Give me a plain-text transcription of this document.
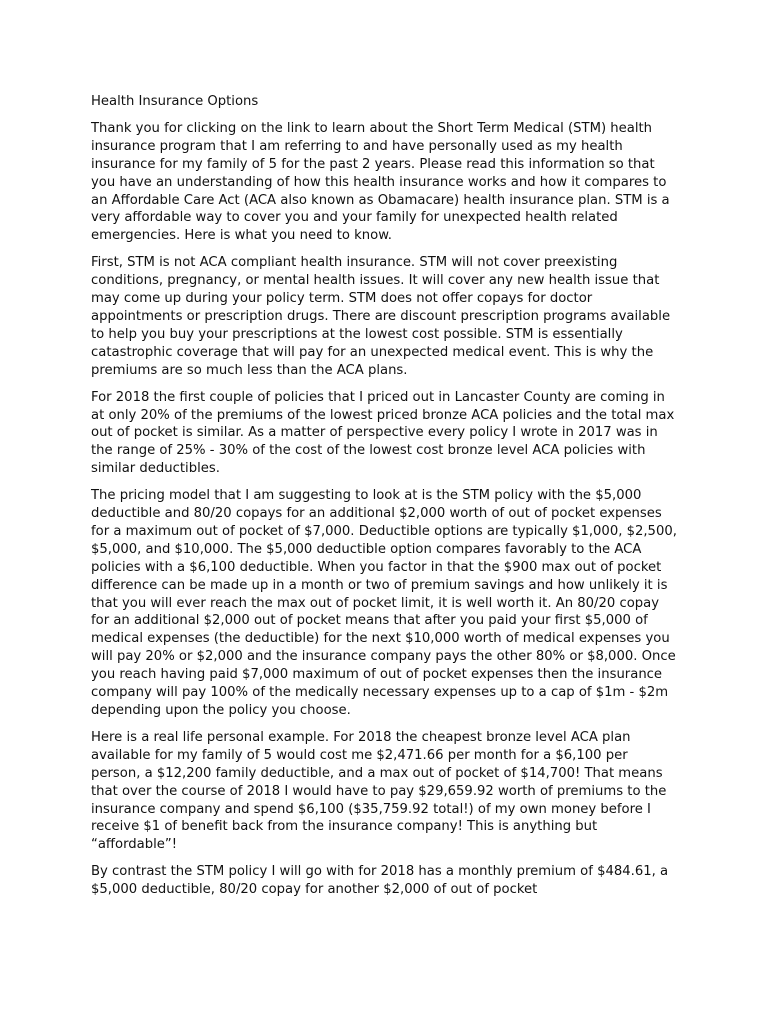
Health Insurance Options

Thank you for clicking on the link to learn about the Short Term Medical (STM) health insurance program that I am referring to and have personally used as my health insurance for my family of 5 for the past 2 years. Please read this information so that you have an understanding of how this health insurance works and how it compares to an Affordable Care Act (ACA also known as Obamacare) health insurance plan. STM is a very affordable way to cover you and your family for unexpected health related emergencies. Here is what you need to know.

First, STM is not ACA compliant health insurance. STM will not cover preexisting conditions, pregnancy, or mental health issues. It will cover any new health issue that may come up during your policy term. STM does not offer copays for doctor appointments or prescription drugs. There are discount prescription programs available to help you buy your prescriptions at the lowest cost possible. STM is essentially catastrophic coverage that will pay for an unexpected medical event. This is why the premiums are so much less than the ACA plans.

For 2018 the first couple of policies that I priced out in Lancaster County are coming in at only 20% of the premiums of the lowest priced bronze ACA policies and the total max out of pocket is similar. As a matter of perspective every policy I wrote in 2017 was in the range of 25% - 30% of the cost of the lowest cost bronze level ACA policies with similar deductibles.

The pricing model that I am suggesting to look at is the STM policy with the $5,000 deductible and 80/20 copays for an additional $2,000 worth of out of pocket expenses for a maximum out of pocket of $7,000. Deductible options are typically $1,000, $2,500, $5,000, and $10,000. The $5,000 deductible option compares favorably to the ACA policies with a $6,100 deductible. When you factor in that the $900 max out of pocket difference can be made up in a month or two of premium savings and how unlikely it is that you will ever reach the max out of pocket limit, it is well worth it. An 80/20 copay for an additional $2,000 out of pocket means that after you paid your first $5,000 of medical expenses (the deductible) for the next $10,000 worth of medical expenses you will pay 20% or $2,000 and the insurance company pays the other 80% or $8,000. Once you reach having paid $7,000 maximum of out of pocket expenses then the insurance company will pay 100% of the medically necessary expenses up to a cap of $1m - $2m depending upon the policy you choose.

Here is a real life personal example. For 2018 the cheapest bronze level ACA plan available for my family of 5 would cost me $2,471.66 per month for a $6,100 per person, a $12,200 family deductible, and a max out of pocket of $14,700! That means that over the course of 2018 I would have to pay $29,659.92 worth of premiums to the insurance company and spend $6,100 ($35,759.92 total!) of my own money before I receive $1 of benefit back from the insurance company! This is anything but “affordable”!

By contrast the STM policy I will go with for 2018 has a monthly premium of $484.61, a $5,000 deductible, 80/20 copay for another $2,000 of out of pocket
